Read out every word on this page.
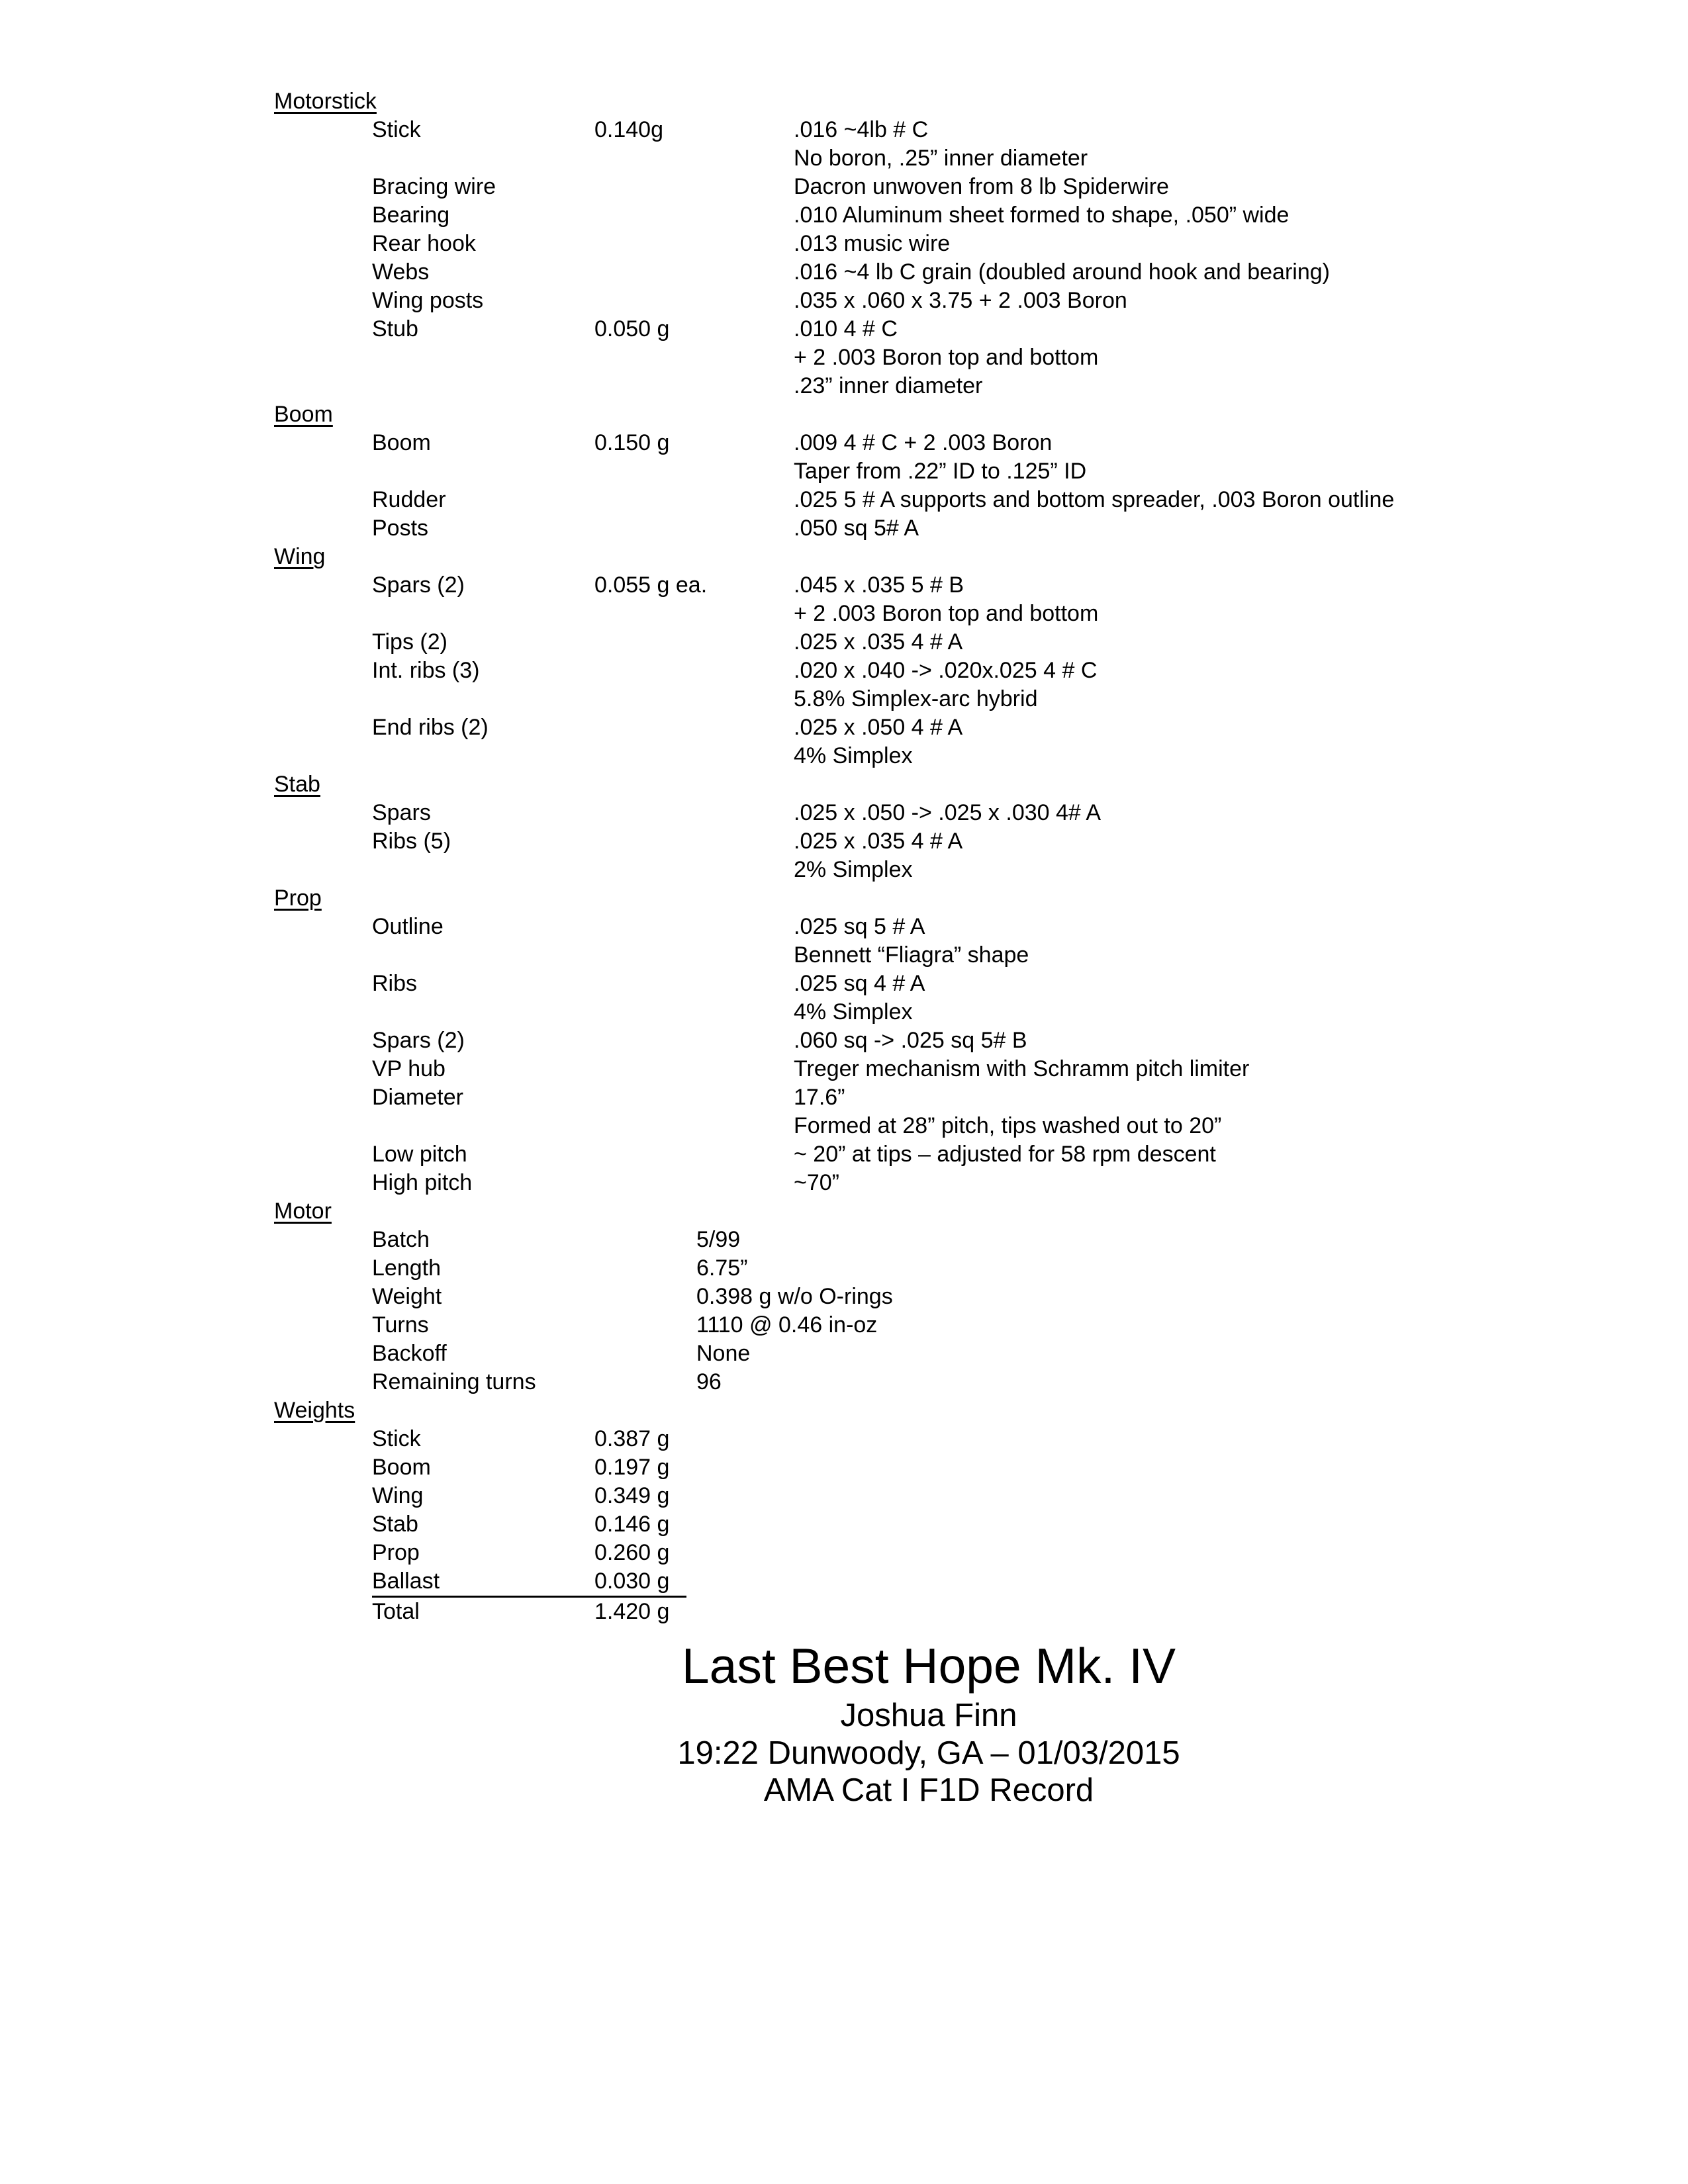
Motorstick
Stick	0.140g	.016 ~4lb # C
No boron, .25” inner diameter
Bracing wire	Dacron unwoven from 8 lb Spiderwire
Bearing	.010 Aluminum sheet formed to shape, .050” wide
Rear hook	.013 music wire
Webs	.016 ~4 lb C grain (doubled around hook and bearing)
Wing posts	.035 x .060 x 3.75 + 2 .003 Boron
Stub	0.050 g	.010 4 # C
+ 2 .003 Boron top and bottom
.23” inner diameter
Boom
Boom	0.150 g	.009 4 # C + 2 .003 Boron
Taper from .22” ID to .125” ID
Rudder	.025 5 # A supports and bottom spreader, .003 Boron outline
Posts	.050 sq 5# A
Wing
Spars (2)	0.055 g ea.	.045 x .035 5 # B
+ 2 .003 Boron top and bottom
Tips (2)	.025 x .035 4 # A
Int. ribs (3)	.020 x .040 -> .020x.025 4 # C
5.8% Simplex-arc hybrid
End ribs (2)	.025 x .050 4 # A
4% Simplex
Stab
Spars	.025 x .050 -> .025 x .030 4# A
Ribs (5)	.025 x .035 4 # A
2% Simplex
Prop
Outline	.025 sq 5 # A
Bennett “Fliagra” shape
Ribs	.025 sq 4 # A
4% Simplex
Spars (2)	.060 sq -> .025 sq 5# B
VP hub	Treger mechanism with Schramm pitch limiter
Diameter	17.6”
Formed at 28” pitch, tips washed out to 20”
Low pitch	~ 20” at tips – adjusted for 58 rpm descent
High pitch	~70”
Motor
Batch	5/99
Length	6.75”
Weight	0.398 g w/o O-rings
Turns	1110 @ 0.46 in-oz
Backoff	None
Remaining turns	96
Weights
Stick	0.387 g
Boom	0.197 g
Wing	0.349 g
Stab	0.146 g
Prop	0.260 g
Ballast	0.030 g
Total	1.420 g
Last Best Hope Mk. IV
Joshua Finn
19:22 Dunwoody, GA – 01/03/2015
AMA Cat I F1D Record
